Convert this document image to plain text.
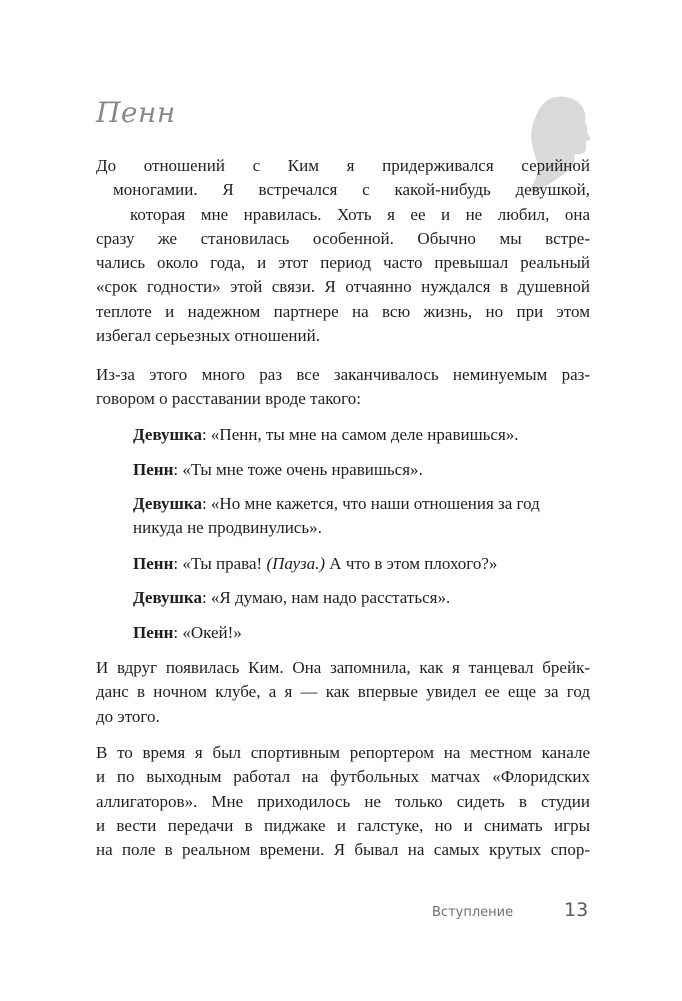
Пенн

До отношений с Ким я придерживался серийной
моногамии. Я встречался с какой-нибудь девушкой,
которая мне нравилась. Хоть я ее и не любил, она
сразу же становилась особенной. Обычно мы встре-
чались около года, и этот период часто превышал реальный
«срок годности» этой связи. Я отчаянно нуждался в душевной
теплоте и надежном партнере на всю жизнь, но при этом
избегал серьезных отношений.

Из-за этого много раз все заканчивалось неминуемым раз-
говором о расставании вроде такого:

Девушка: «Пенн, ты мне на самом деле нравишься».

Пенн: «Ты мне тоже очень нравишься».

Девушка: «Но мне кажется, что наши отношения за год
никуда не продвинулись».

Пенн: «Ты права! (Пауза.) А что в этом плохого?»

Девушка: «Я думаю, нам надо расстаться».

Пенн: «Окей!»

И вдруг появилась Ким. Она запомнила, как я танцевал брейк-
данс в ночном клубе, а я — как впервые увидел ее еще за год
до этого.

В то время я был спортивным репортером на местном канале
и по выходным работал на футбольных матчах «Флоридских
аллигаторов». Мне приходилось не только сидеть в студии
и вести передачи в пиджаке и галстуке, но и снимать игры
на поле в реальном времени. Я бывал на самых крутых спор-

Вступление	13
